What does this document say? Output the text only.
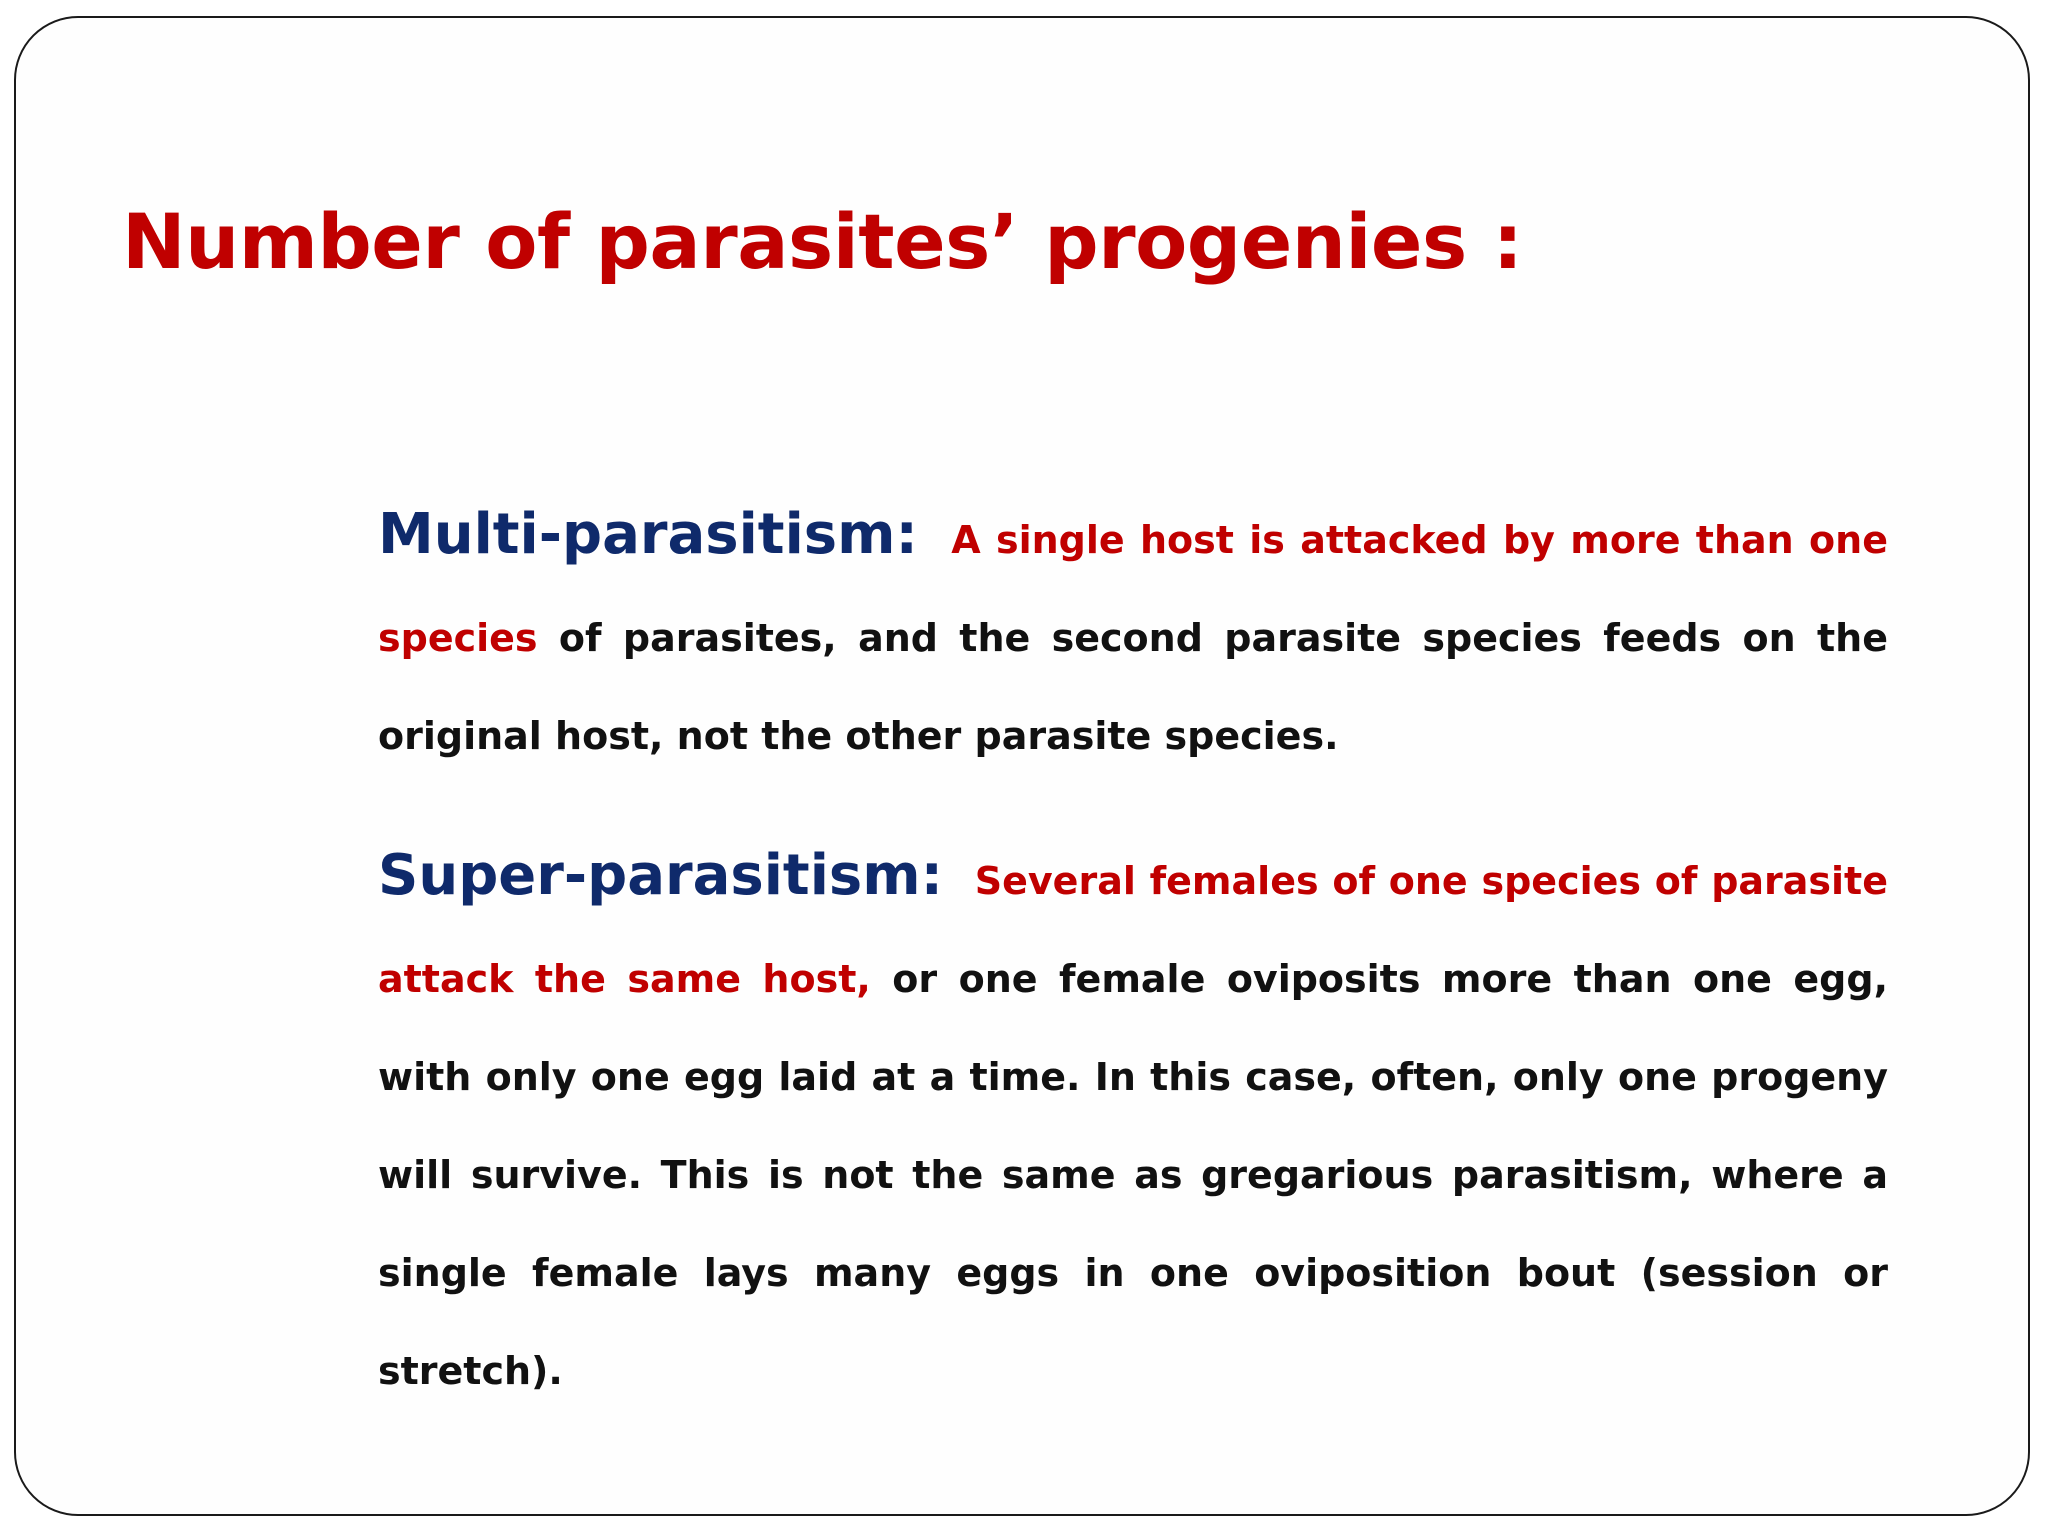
Number of parasites’ progenies :

Multi-parasitism: A single host is attacked by more than one species of parasites, and the second parasite species feeds on the original host, not the other parasite species.

Super-parasitism: Several females of one species of parasite attack the same host, or one female oviposits more than one egg, with only one egg laid at a time. In this case, often, only one progeny will survive. This is not the same as gregarious parasitism, where a single female lays many eggs in one oviposition bout (session or stretch).
